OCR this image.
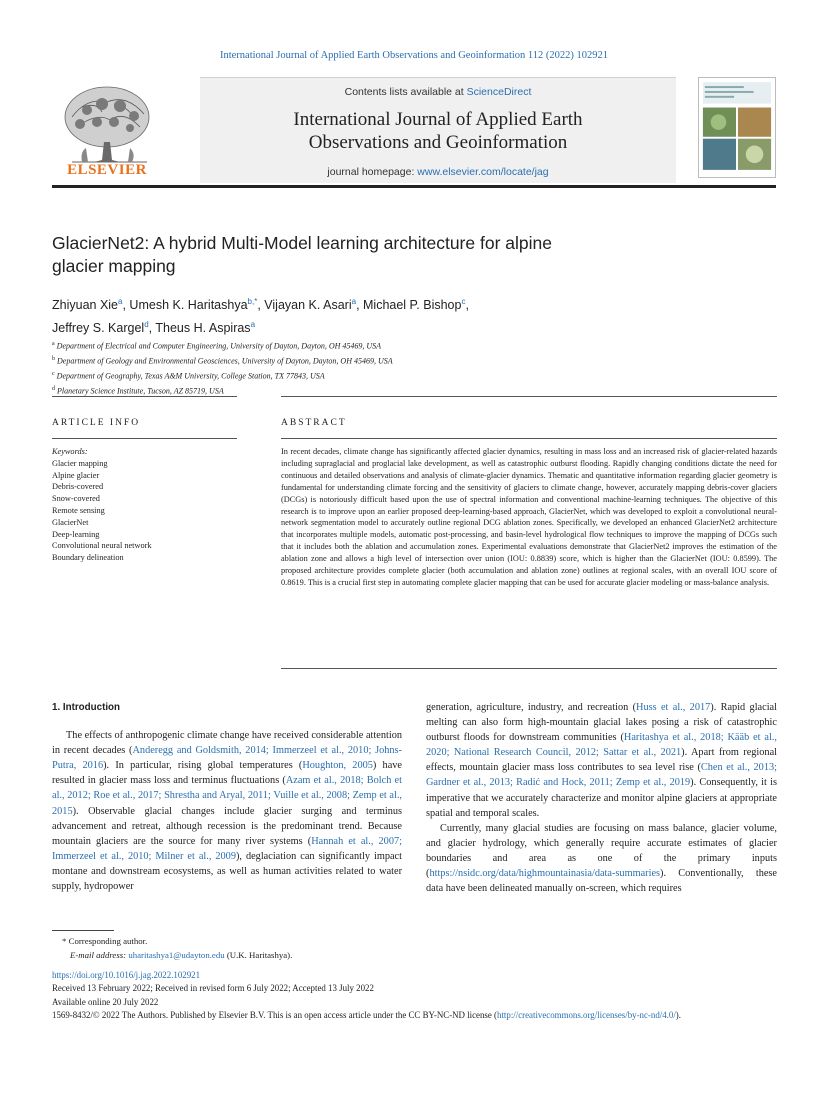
International Journal of Applied Earth Observations and Geoinformation 112 (2022) 102921
Contents lists available at ScienceDirect
International Journal of Applied Earth
Observations and Geoinformation
journal homepage: www.elsevier.com/locate/jag
ELSEVIER
GlacierNet2: A hybrid Multi-Model learning architecture for alpine
glacier mapping
Zhiyuan Xie$^a$, Umesh K. Haritashya$^{b,*}$, Vijayan K. Asari$^a$, Michael P. Bishop$^c$,
Jeffrey S. Kargel$^d$, Theus H. Aspiras$^a$
$^a$ Department of Electrical and Computer Engineering, University of Dayton, Dayton, OH 45469, USA
$^b$ Department of Geology and Environmental Geosciences, University of Dayton, Dayton, OH 45469, USA
$^c$ Department of Geography, Texas A&M University, College Station, TX 77843, USA
$^d$ Planetary Science Institute, Tucson, AZ 85719, USA
ARTICLE INFO	ABSTRACT
Keywords:
Glacier mapping
Alpine glacier
Debris-covered
Snow-covered
Remote sensing
GlacierNet
Deep-learning
Convolutional neural network
Boundary delineation
In recent decades, climate change has significantly affected glacier dynamics, resulting in mass loss and an increased risk of glacier-related hazards including supraglacial and proglacial lake development, as well as catastrophic outburst flooding. Rapidly changing conditions dictate the need for continuous and detailed observations and analysis of climate-glacier dynamics. Thematic and quantitative information regarding glacier geometry is fundamental for understanding climate forcing and the sensitivity of glaciers to climate change, however, accurately mapping debris-cover glaciers (DCGs) is notoriously difficult based upon the use of spectral information and conventional machine-learning techniques. The objective of this research is to improve upon an earlier proposed deep-learning-based approach, GlacierNet, which was developed to exploit a convolutional neural-network segmentation model to accurately outline regional DCG ablation zones. Specifically, we developed an enhanced GlacierNet2 architecture that incorporates multiple models, automatic post-processing, and basin-level hydrological flow techniques to improve the mapping of DCGs such that it includes both the ablation and accumulation zones. Experimental evaluations demonstrate that GlacierNet2 improves the estimation of the ablation zone and allows a high level of intersection over union (IOU: 0.8839) score, which is higher than the GlacierNet (IOU: 0.8599). The proposed architecture provides complete glacier (both accumulation and ablation zone) outlines at regional scales, with an overall IOU score of 0.8619. This is a crucial first step in automating complete glacier mapping that can be used for accurate glacier modeling or mass-balance analysis.
1. Introduction
The effects of anthropogenic climate change have received considerable attention in recent decades (Anderegg and Goldsmith, 2014; Immerzeel et al., 2010; Johns-Putra, 2016). In particular, rising global temperatures (Houghton, 2005) have resulted in glacier mass loss and terminus fluctuations (Azam et al., 2018; Bolch et al., 2012; Roe et al., 2017; Shrestha and Aryal, 2011; Vuille et al., 2008; Zemp et al., 2015). Observable glacial changes include glacier surging and terminus advancement and retreat, although recession is the predominant trend. Because mountain glaciers are the source for many river systems (Hannah et al., 2007; Immerzeel et al., 2010; Milner et al., 2009), deglaciation can significantly impact montane and downstream ecosystems, as well as human activities related to water supply, hydropower
generation, agriculture, industry, and recreation (Huss et al., 2017). Rapid glacial melting can also form high-mountain glacial lakes posing a risk of catastrophic outburst floods for downstream communities (Haritashya et al., 2018; Kääb et al., 2020; National Research Council, 2012; Sattar et al., 2021). Apart from regional effects, mountain glacier mass loss contributes to sea level rise (Chen et al., 2013; Gardner et al., 2013; Radić and Hock, 2011; Zemp et al., 2019). Consequently, it is imperative that we accurately characterize and monitor alpine glaciers at appropriate spatial and temporal scales.
Currently, many glacial studies are focusing on mass balance, glacier volume, and glacier hydrology, which generally require accurate estimates of glacier boundaries and area as one of the primary inputs (https://nsidc.org/data/highmountainasia/data-summaries). Conventionally, these data have been delineated manually on-screen, which requires
* Corresponding author.
E-mail address: uharitashya1@udayton.edu (U.K. Haritashya).
https://doi.org/10.1016/j.jag.2022.102921
Received 13 February 2022; Received in revised form 6 July 2022; Accepted 13 July 2022
Available online 20 July 2022
1569-8432/© 2022 The Authors. Published by Elsevier B.V. This is an open access article under the CC BY-NC-ND license (http://creativecommons.org/licenses/by-nc-nd/4.0/).
